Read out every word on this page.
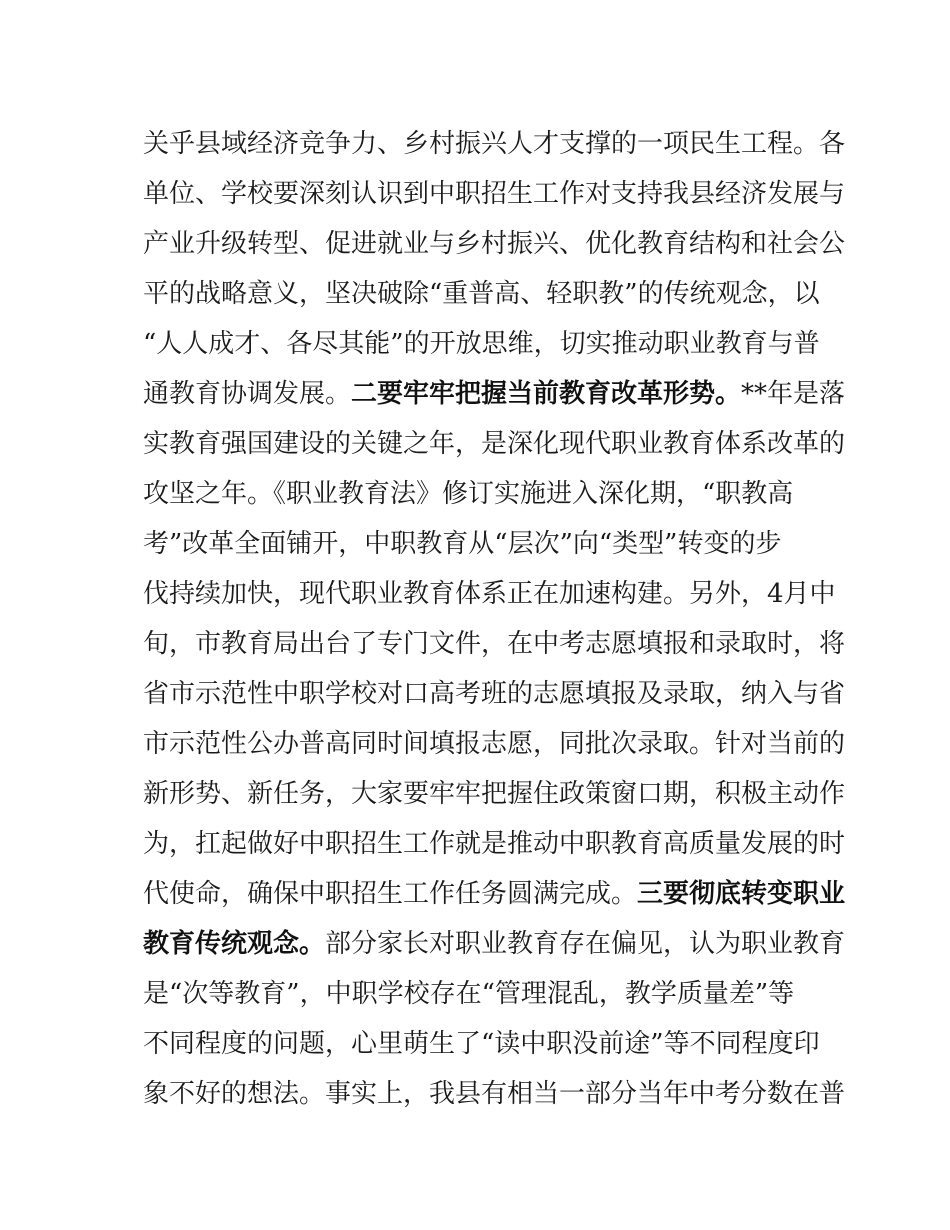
关乎县域经济竞争力、乡村振兴人才支撑的一项民生工程。各
单位、学校要深刻认识到中职招生工作对支持我县经济发展与
产业升级转型、促进就业与乡村振兴、优化教育结构和社会公
平的战略意义，坚决破除“重普高、轻职教”的传统观念，以
“人人成才、各尽其能”的开放思维，切实推动职业教育与普
通教育协调发展。二要牢牢把握当前教育改革形势。**年是落
实教育强国建设的关键之年，是深化现代职业教育体系改革的
攻坚之年。《职业教育法》修订实施进入深化期，“职教高
考”改革全面铺开，中职教育从“层次”向“类型”转变的步
伐持续加快，现代职业教育体系正在加速构建。另外，4月中
旬，市教育局出台了专门文件，在中考志愿填报和录取时，将
省市示范性中职学校对口高考班的志愿填报及录取，纳入与省
市示范性公办普高同时间填报志愿，同批次录取。针对当前的
新形势、新任务，大家要牢牢把握住政策窗口期，积极主动作
为，扛起做好中职招生工作就是推动中职教育高质量发展的时
代使命，确保中职招生工作任务圆满完成。三要彻底转变职业
教育传统观念。部分家长对职业教育存在偏见，认为职业教育
是“次等教育”，中职学校存在“管理混乱，教学质量差”等
不同程度的问题，心里萌生了“读中职没前途”等不同程度印
象不好的想法。事实上，我县有相当一部分当年中考分数在普
